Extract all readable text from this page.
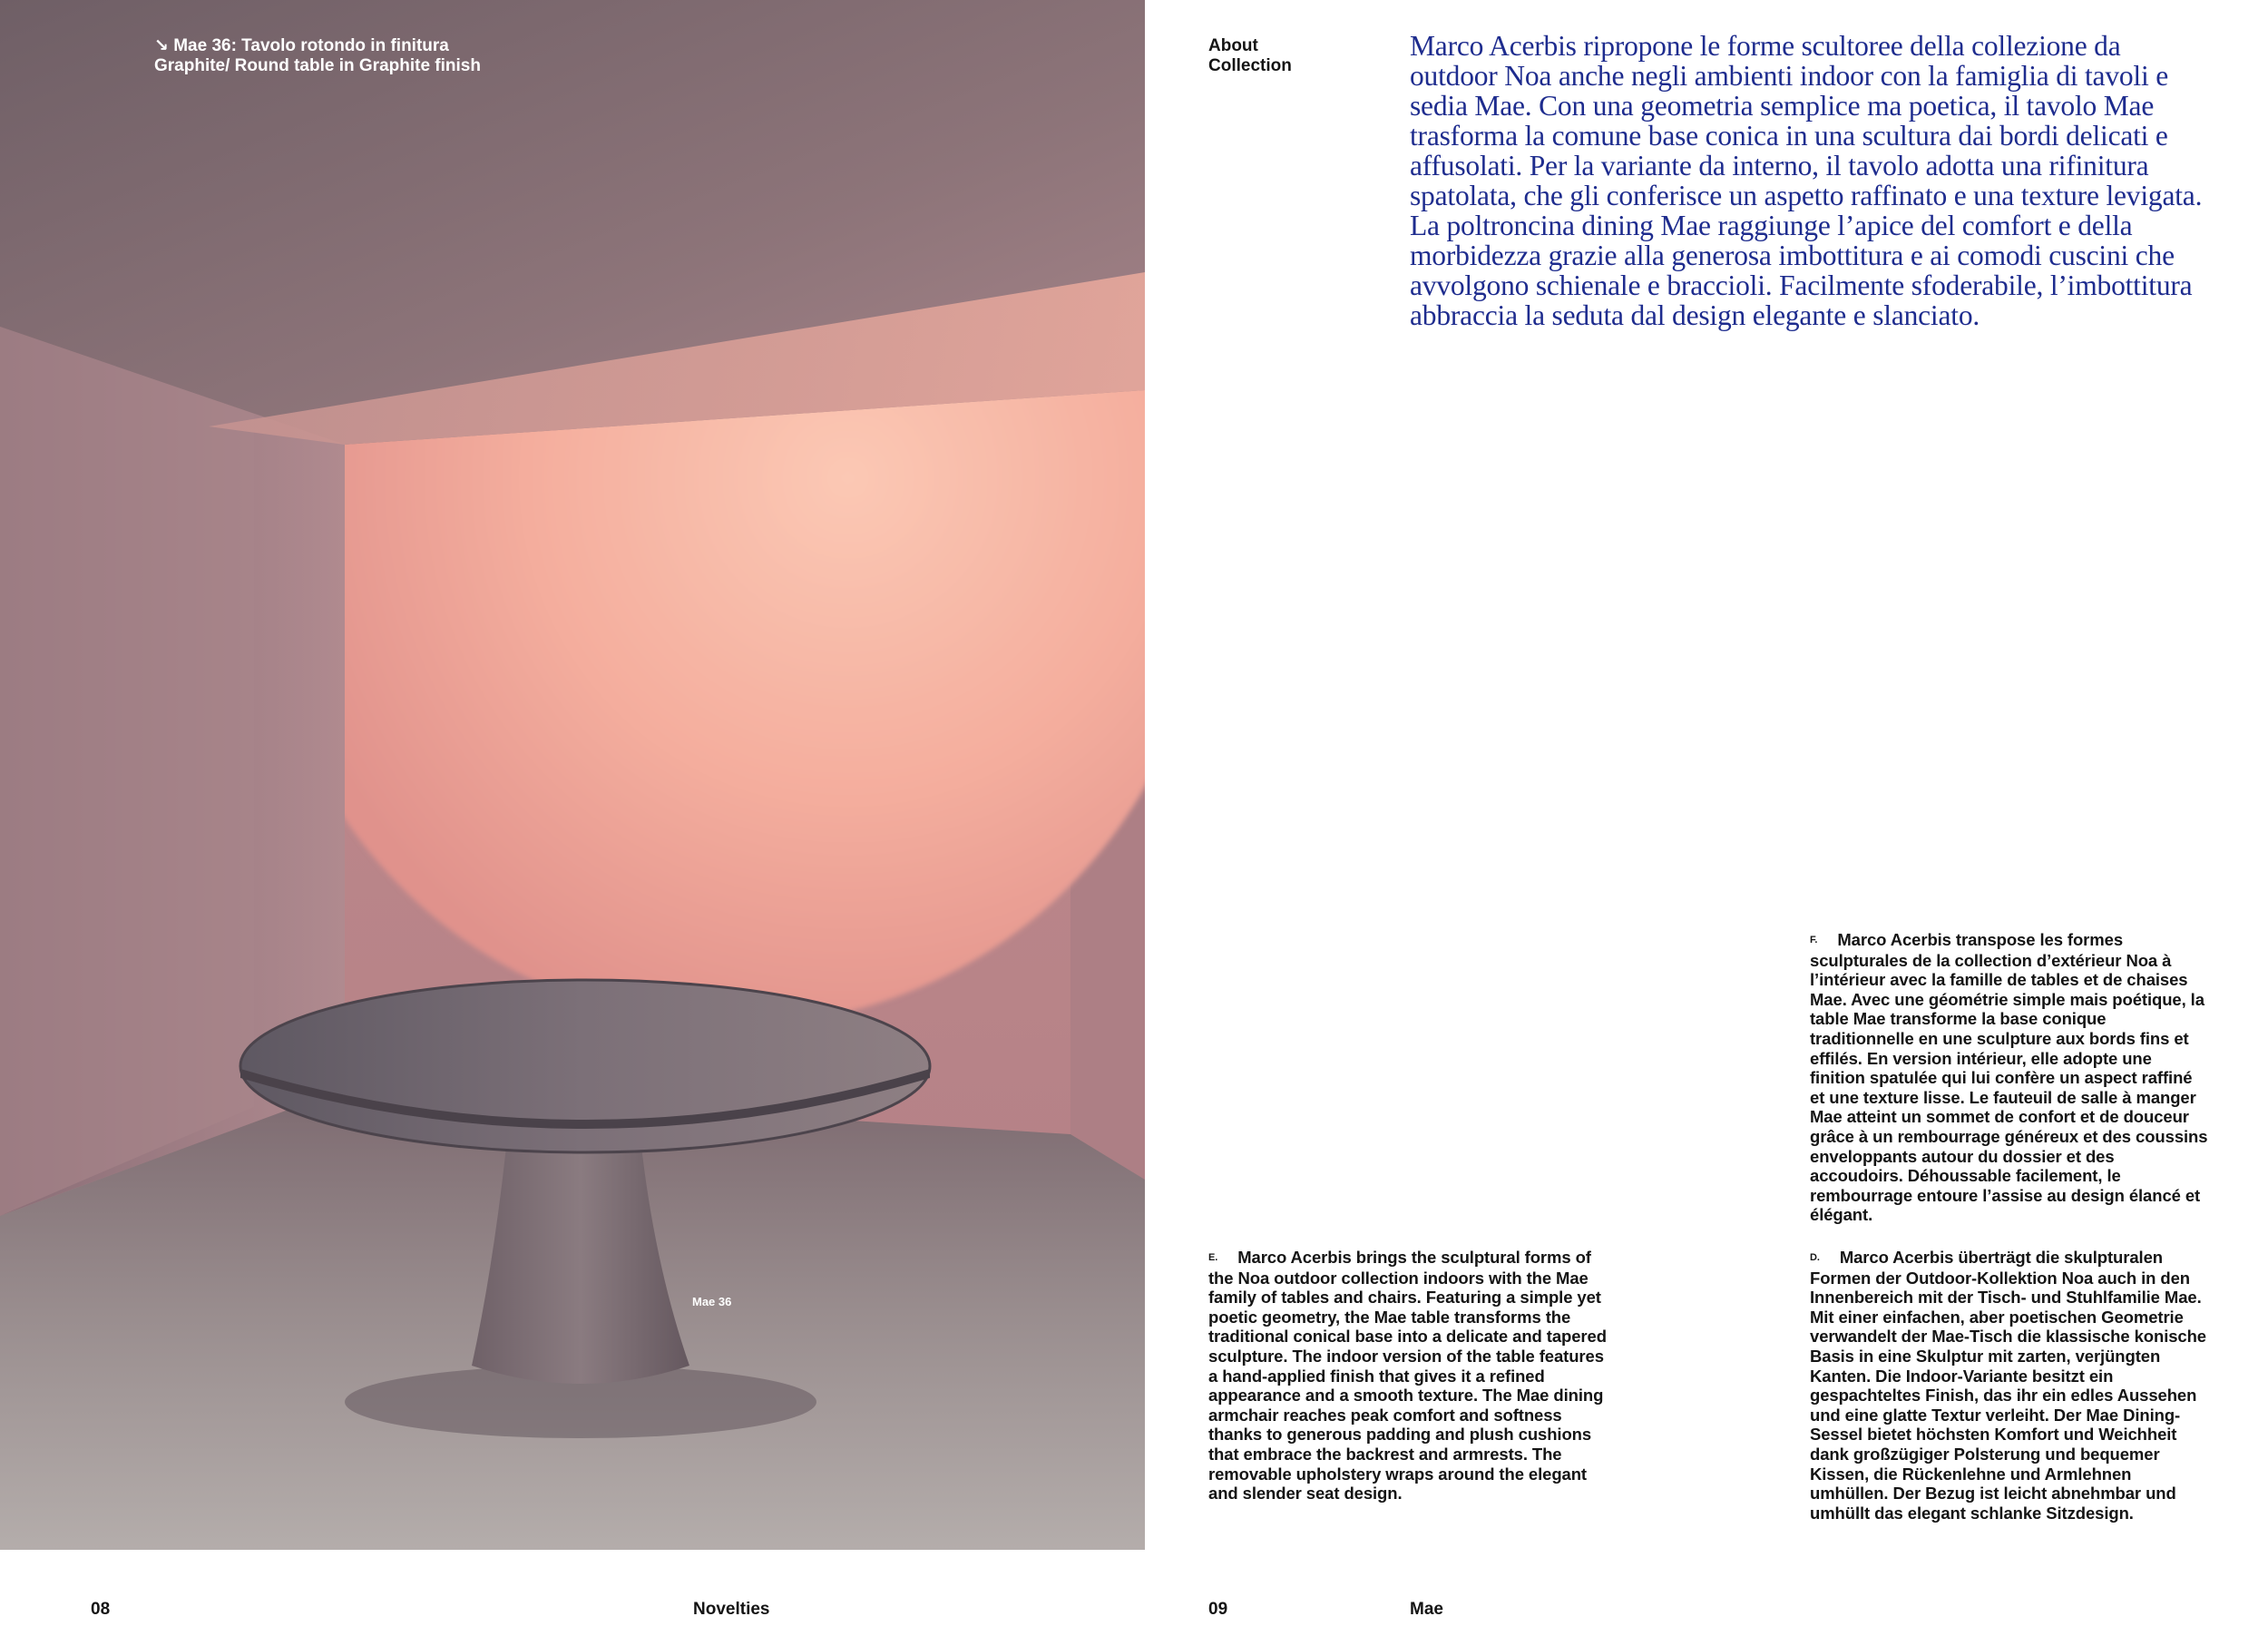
↘ Mae 36: Tavolo rotondo in finitura
Graphite/ Round table in Graphite finish
Mae 36
About
Collection
Marco Acerbis ripropone le forme scultoree della collezione da outdoor Noa anche negli ambienti indoor con la famiglia di tavoli e sedia Mae. Con una geometria semplice ma poetica, il tavolo Mae trasforma la comune base conica in una scultura dai bordi delicati e affusolati. Per la variante da interno, il tavolo adotta una rifinitura spatolata, che gli conferisce un aspetto raffinato e una texture levigata. La poltroncina dining Mae raggiunge l’apice del comfort e della morbidezza grazie alla generosa imbottitura e ai comodi cuscini che avvolgono schienale e braccioli. Facilmente sfoderabile, l’imbottitura abbraccia la seduta dal design elegante e slanciato.
F. Marco Acerbis transpose les formes sculpturales de la collection d’extérieur Noa à l’intérieur avec la famille de tables et de chaises Mae. Avec une géométrie simple mais poétique, la table Mae transforme la base conique traditionnelle en une sculpture aux bords fins et effilés. En version intérieur, elle adopte une finition spatulée qui lui confère un aspect raffiné et une texture lisse. Le fauteuil de salle à manger Mae atteint un sommet de confort et de douceur grâce à un rembourrage généreux et des coussins enveloppants autour du dossier et des accoudoirs. Déhoussable facilement, le rembourrage entoure l’assise au design élancé et élégant.
E. Marco Acerbis brings the sculptural forms of the Noa outdoor collection indoors with the Mae family of tables and chairs. Featuring a simple yet poetic geometry, the Mae table transforms the traditional conical base into a delicate and tapered sculpture. The indoor version of the table features a hand-applied finish that gives it a refined appearance and a smooth texture. The Mae dining armchair reaches peak comfort and softness thanks to generous padding and plush cushions that embrace the backrest and armrests. The removable upholstery wraps around the elegant and slender seat design.
D. Marco Acerbis überträgt die skulpturalen Formen der Outdoor-Kollektion Noa auch in den Innenbereich mit der Tisch- und Stuhlfamilie Mae. Mit einer einfachen, aber poetischen Geometrie verwandelt der Mae-Tisch die klassische konische Basis in eine Skulptur mit zarten, verjüngten Kanten. Die Indoor-Variante besitzt ein gespachteltes Finish, das ihr ein edles Aussehen und eine glatte Textur verleiht. Der Mae Dining-Sessel bietet höchsten Komfort und Weichheit dank großzügiger Polsterung und bequemer Kissen, die Rückenlehne und Armlehnen umhüllen. Der Bezug ist leicht abnehmbar und umhüllt das elegant schlanke Sitzdesign.
08	Novelties	09	Mae
